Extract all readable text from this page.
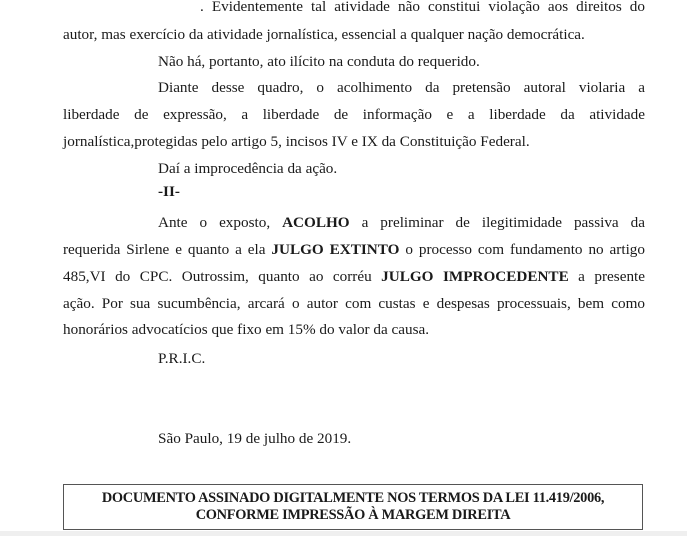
. Evidentemente tal atividade não constitui violação aos direitos do
autor, mas exercício da atividade jornalística, essencial a qualquer nação democrática.
Não há, portanto, ato ilícito na conduta do requerido.
Diante desse quadro, o acolhimento da pretensão autoral violaria a
liberdade de expressão, a liberdade de informação e a liberdade da atividade
jornalística,protegidas pelo artigo 5, incisos IV e IX da Constituição Federal.
Daí a improcedência da ação.
-II-
Ante o exposto, ACOLHO a preliminar de ilegitimidade passiva da
requerida Sirlene e quanto a ela JULGO EXTINTO o processo com fundamento no artigo
485,VI do CPC. Outrossim, quanto ao corréu JULGO IMPROCEDENTE a presente
ação. Por sua sucumbência, arcará o autor com custas e despesas processuais, bem como
honorários advocatícios que fixo em 15% do valor da causa.
P.R.I.C.
São Paulo, 19 de julho de 2019.
DOCUMENTO ASSINADO DIGITALMENTE NOS TERMOS DA LEI 11.419/2006,
CONFORME IMPRESSÃO À MARGEM DIREITA
